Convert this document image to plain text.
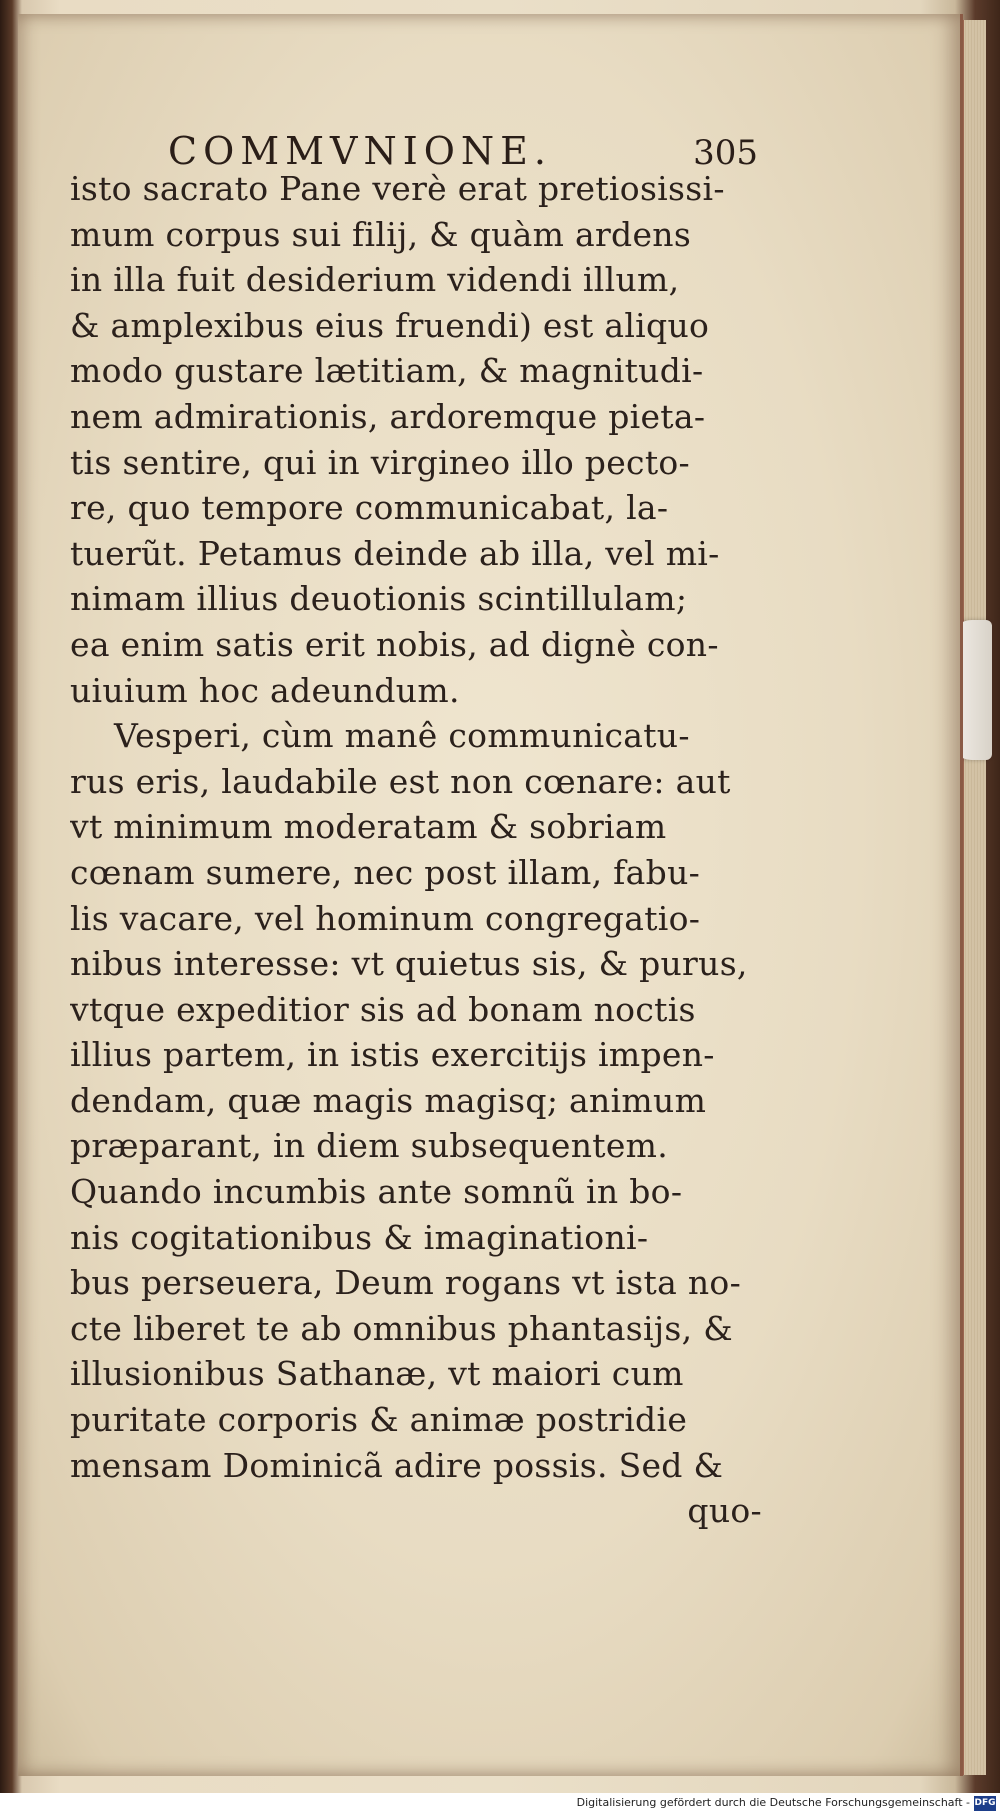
COMMVNIONE.	305
isto sacrato Pane verè erat pretiosissi-
mum corpus sui filij, & quàm ardens
in illa fuit desiderium videndi illum,
& amplexibus eius fruendi) est aliquo
modo gustare lætitiam, & magnitudi-
nem admirationis, ardoremque pieta-
tis sentire, qui in virgineo illo pecto-
re, quo tempore communicabat, la-
tuerũt. Petamus deinde ab illa, vel mi-
nimam illius deuotionis scintillulam;
ea enim satis erit nobis, ad dignè con-
uiuium hoc adeundum.
Vesperi, cùm manê communicatu-
rus eris, laudabile est non cœnare: aut
vt minimum moderatam & sobriam
cœnam sumere, nec post illam, fabu-
lis vacare, vel hominum congregatio-
nibus interesse: vt quietus sis, & purus,
vtque expeditior sis ad bonam noctis
illius partem, in istis exercitijs impen-
dendam, quæ magis magisq; animum
præparant, in diem subsequentem.
Quando incumbis ante somnũ in bo-
nis cogitationibus & imaginationi-
bus perseuera, Deum rogans vt ista no-
cte liberet te ab omnibus phantasijs, &
illusionibus Sathanæ, vt maiori cum
puritate corporis & animæ postridie
mensam Dominicã adire possis. Sed &
quo-
Digitalisierung gefördert durch die Deutsche Forschungsgemeinschaft - DFG
